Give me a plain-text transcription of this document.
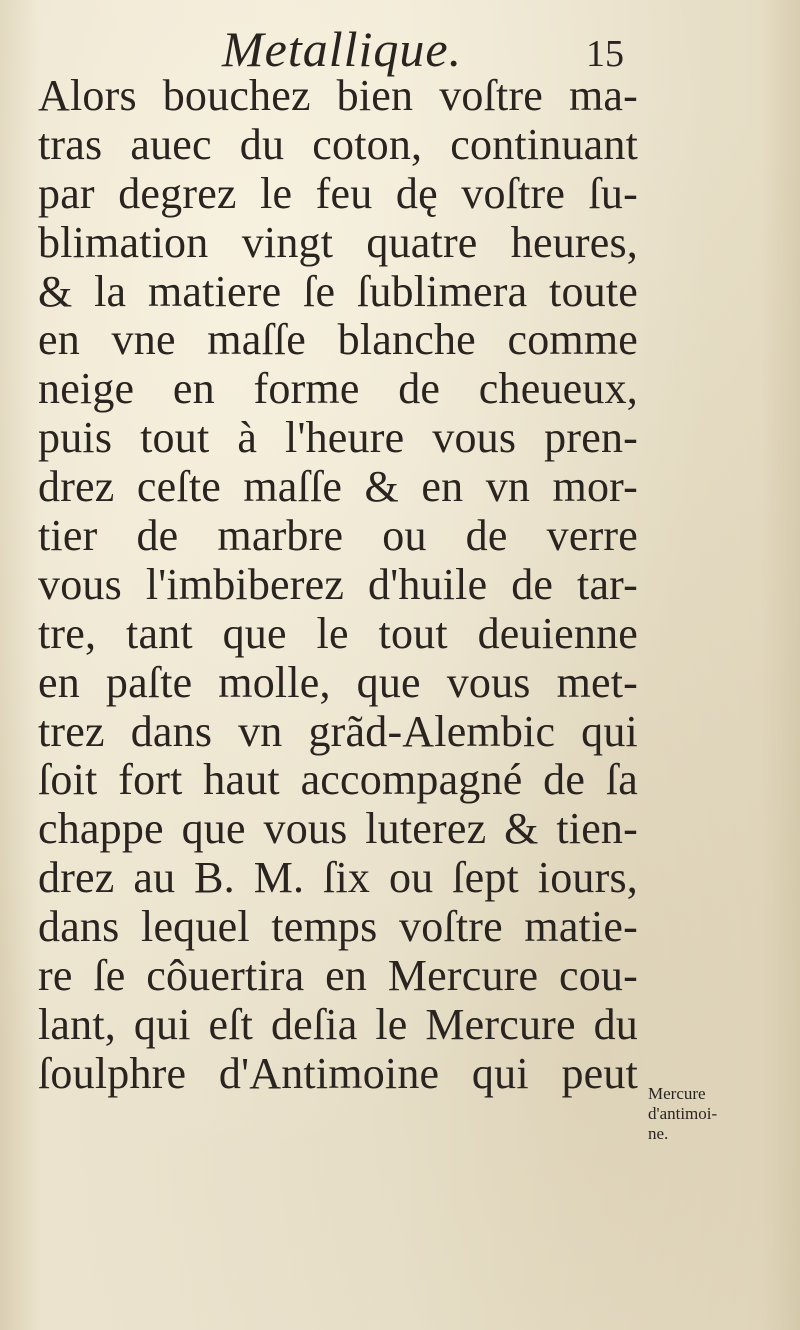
Metallique.	15
Alors bouchez bien voſtre ma-
tras auec du coton, continuant
par degrez le feu dę voſtre ſu-
blimation vingt quatre heures,
& la matiere ſe ſublimera toute
en vne maſſe blanche comme
neige en forme de cheueux,
puis tout à l'heure vous pren-
drez ceſte maſſe & en vn mor-
tier de marbre ou de verre
vous l'imbiberez d'huile de tar-
tre, tant que le tout deuienne
en paſte molle, que vous met-
trez dans vn grãd-Alembic qui
ſoit fort haut accompagné de ſa
chappe que vous luterez & tien-
drez au B. M. ſix ou ſept iours,
dans lequel temps voſtre matie-
re ſe côuertira en Mercure cou-
lant, qui eſt deſia le Mercure du
ſoulphre d'Antimoine qui peut Mercure
d'antimoi-
ne.
